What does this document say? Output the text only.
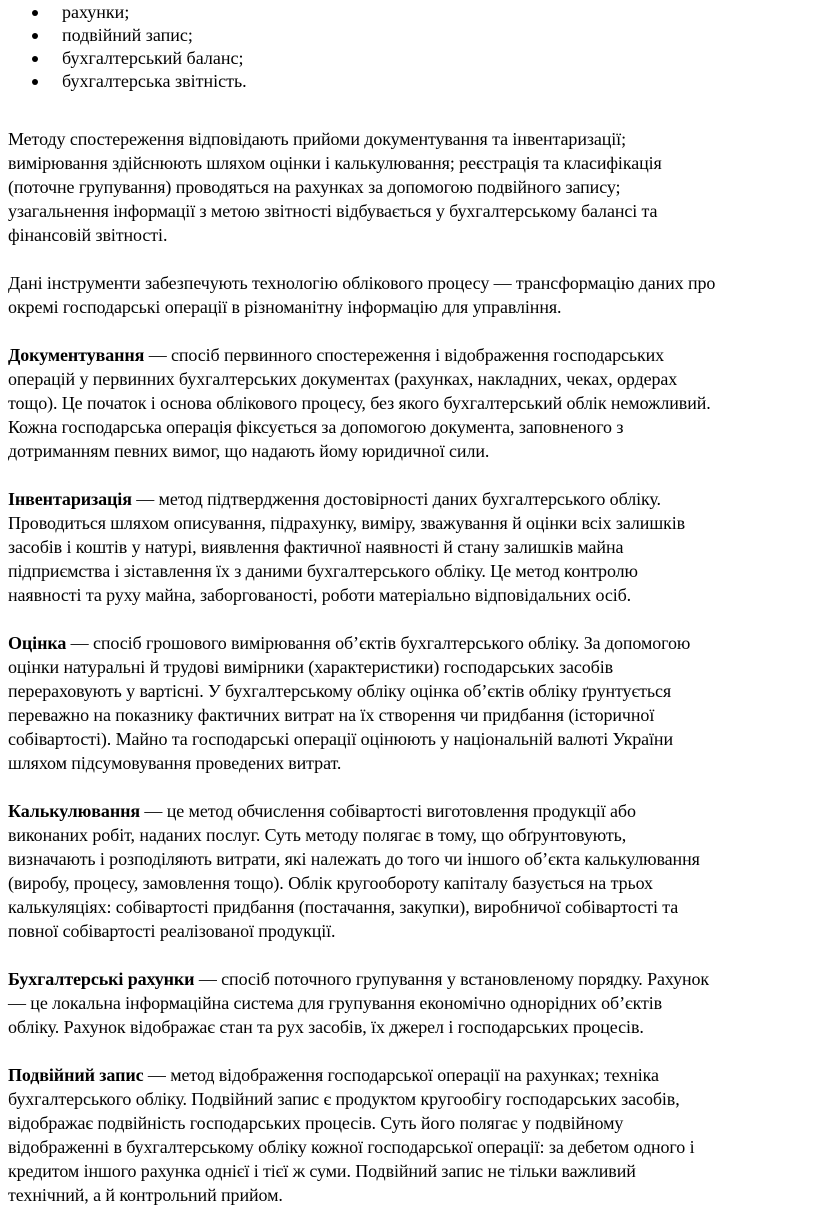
рахунки;
подвійний запис;
бухгалтерський баланс;
бухгалтерська звітність.

Методу спостереження відповідають прийоми документування та інвентаризації;
вимірювання здійснюють шляхом оцінки і калькулювання; реєстрація та класифікація
(поточне групування) проводяться на рахунках за допомогою подвійного запису;
узагальнення інформації з метою звітності відбувається у бухгалтерському балансі та
фінансовій звітності.

Дані інструменти забезпечують технологію облікового процесу — трансформацію даних про
окремі господарські операції в різноманітну інформацію для управління.

Документування — спосіб первинного спостереження і відображення господарських
операцій у первинних бухгалтерських документах (рахунках, накладних, чеках, ордерах
тощо). Це початок і основа облікового процесу, без якого бухгалтерський облік неможливий.
Кожна господарська операція фіксується за допомогою документа, заповненого з
дотриманням певних вимог, що надають йому юридичної сили.

Інвентаризація — метод підтвердження достовірності даних бухгалтерського обліку.
Проводиться шляхом описування, підрахунку, виміру, зважування й оцінки всіх залишків
засобів і коштів у натурі, виявлення фактичної наявності й стану залишків майна
підприємства і зіставлення їх з даними бухгалтерського обліку. Це метод контролю
наявності та руху майна, заборгованості, роботи матеріально відповідальних осіб.

Оцінка — спосіб грошового вимірювання об’єктів бухгалтерського обліку. За допомогою
оцінки натуральні й трудові вимірники (характеристики) господарських засобів
перераховують у вартісні. У бухгалтерському обліку оцінка об’єктів обліку ґрунтується
переважно на показнику фактичних витрат на їх створення чи придбання (історичної
собівартості). Майно та господарські операції оцінюють у національній валюті України
шляхом підсумовування проведених витрат.

Калькулювання — це метод обчислення собівартості виготовлення продукції або
виконаних робіт, наданих послуг. Суть методу полягає в тому, що обґрунтовують,
визначають і розподіляють витрати, які належать до того чи іншого об’єкта калькулювання
(виробу, процесу, замовлення тощо). Облік кругообороту капіталу базується на трьох
калькуляціях: собівартості придбання (постачання, закупки), виробничої собівартості та
повної собівартості реалізованої продукції.

Бухгалтерські рахунки — спосіб поточного групування у встановленому порядку. Рахунок
— це локальна інформаційна система для групування економічно однорідних об’єктів
обліку. Рахунок відображає стан та рух засобів, їх джерел і господарських процесів.

Подвійний запис — метод відображення господарської операції на рахунках; техніка
бухгалтерського обліку. Подвійний запис є продуктом кругообігу господарських засобів,
відображає подвійність господарських процесів. Суть його полягає у подвійному
відображенні в бухгалтерському обліку кожної господарської операції: за дебетом одного і
кредитом іншого рахунка однієї і тієї ж суми. Подвійний запис не тільки важливий
технічний, а й контрольний прийом.
